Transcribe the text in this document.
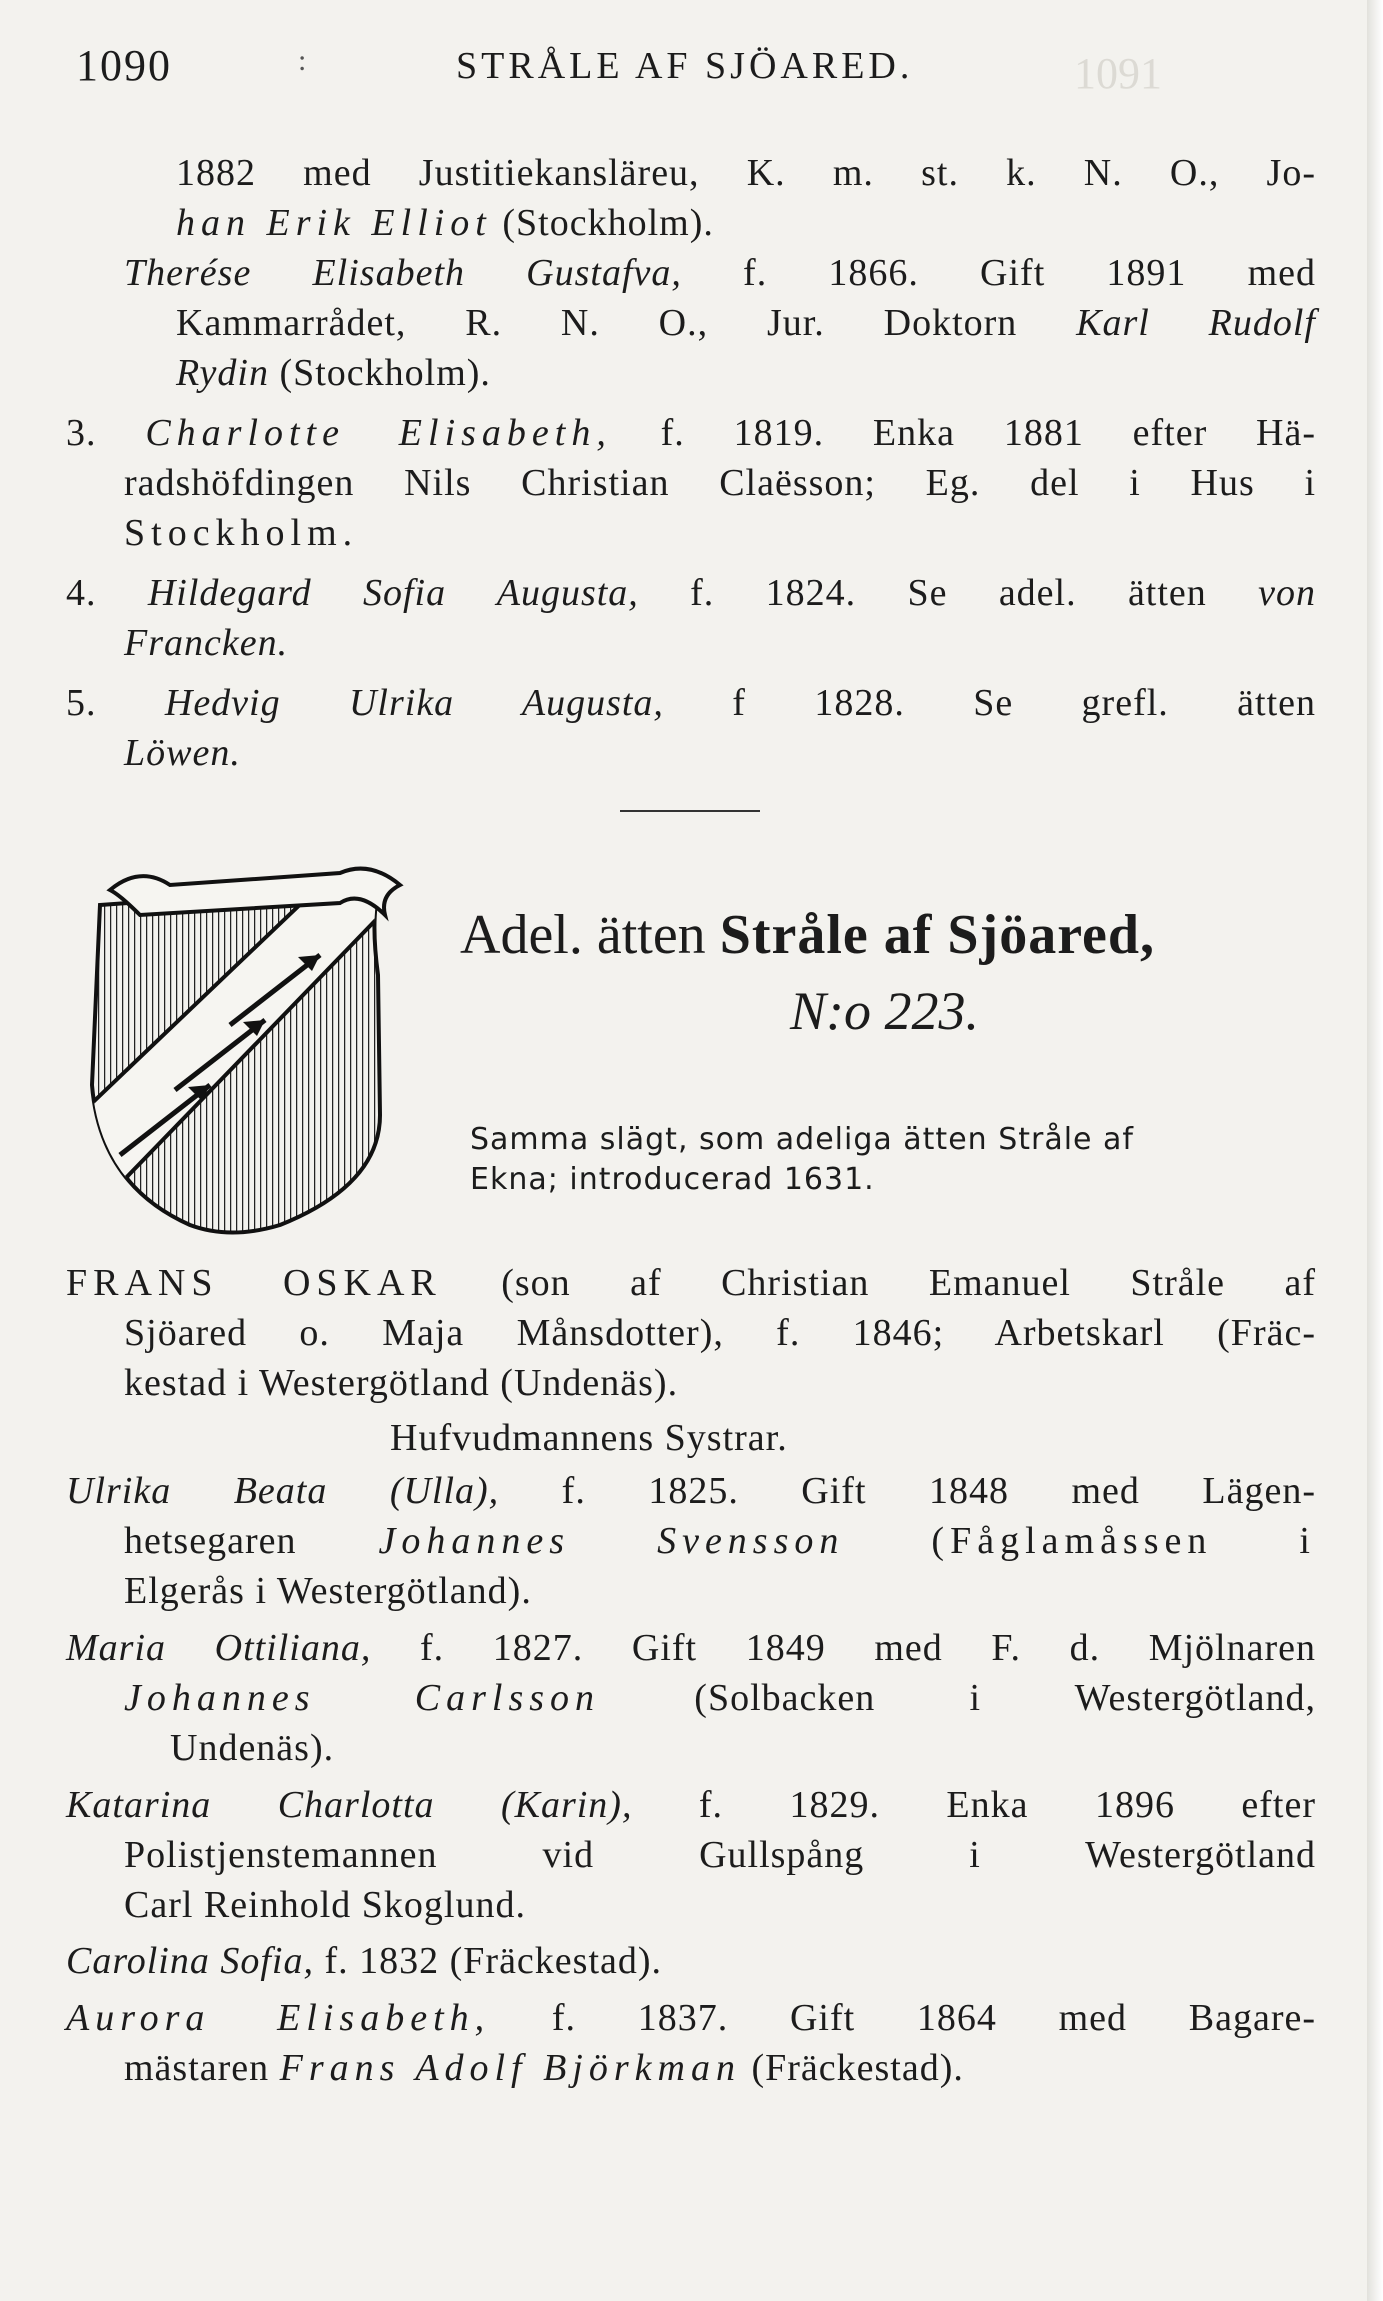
1090	:	STRÅLE AF SJÖARED.	1091
1882 med Justitiekansläreu, K. m. st. k. N. O., Jo-
han Erik Elliot (Stockholm).
Therése Elisabeth Gustafva, f. 1866. Gift 1891 med
Kammarrådet, R. N. O., Jur. Doktorn Karl Rudolf
Rydin (Stockholm).
3. Charlotte Elisabeth, f. 1819. Enka 1881 efter Hä-
radshöfdingen Nils Christian Claësson; Eg. del i Hus i
Stockholm.
4. Hildegard Sofia Augusta, f. 1824. Se adel. ätten von
Francken.
5. Hedvig Ulrika Augusta, f 1828. Se grefl. ätten
Löwen.
Adel. ätten Stråle af Sjöared,
N:o 223.
Samma slägt, som adeliga ätten Stråle af
Ekna; introducerad 1631.
FRANS OSKAR (son af Christian Emanuel Stråle af
Sjöared o. Maja Månsdotter), f. 1846; Arbetskarl (Fräc-
kestad i Westergötland (Undenäs).
Hufvudmannens Systrar.
Ulrika Beata (Ulla), f. 1825. Gift 1848 med Lägen-
hetsegaren Johannes Svensson (Fåglamåssen i
Elgerås i Westergötland).
Maria Ottiliana, f. 1827. Gift 1849 med F. d. Mjölnaren
Johannes Carlsson (Solbacken i Westergötland,
Undenäs).
Katarina Charlotta (Karin), f. 1829. Enka 1896 efter
Polistjenstemannen vid Gullspång i Westergötland
Carl Reinhold Skoglund.
Carolina Sofia, f. 1832 (Fräckestad).
Aurora Elisabeth, f. 1837. Gift 1864 med Bagare-
mästaren Frans Adolf Björkman (Fräckestad).
